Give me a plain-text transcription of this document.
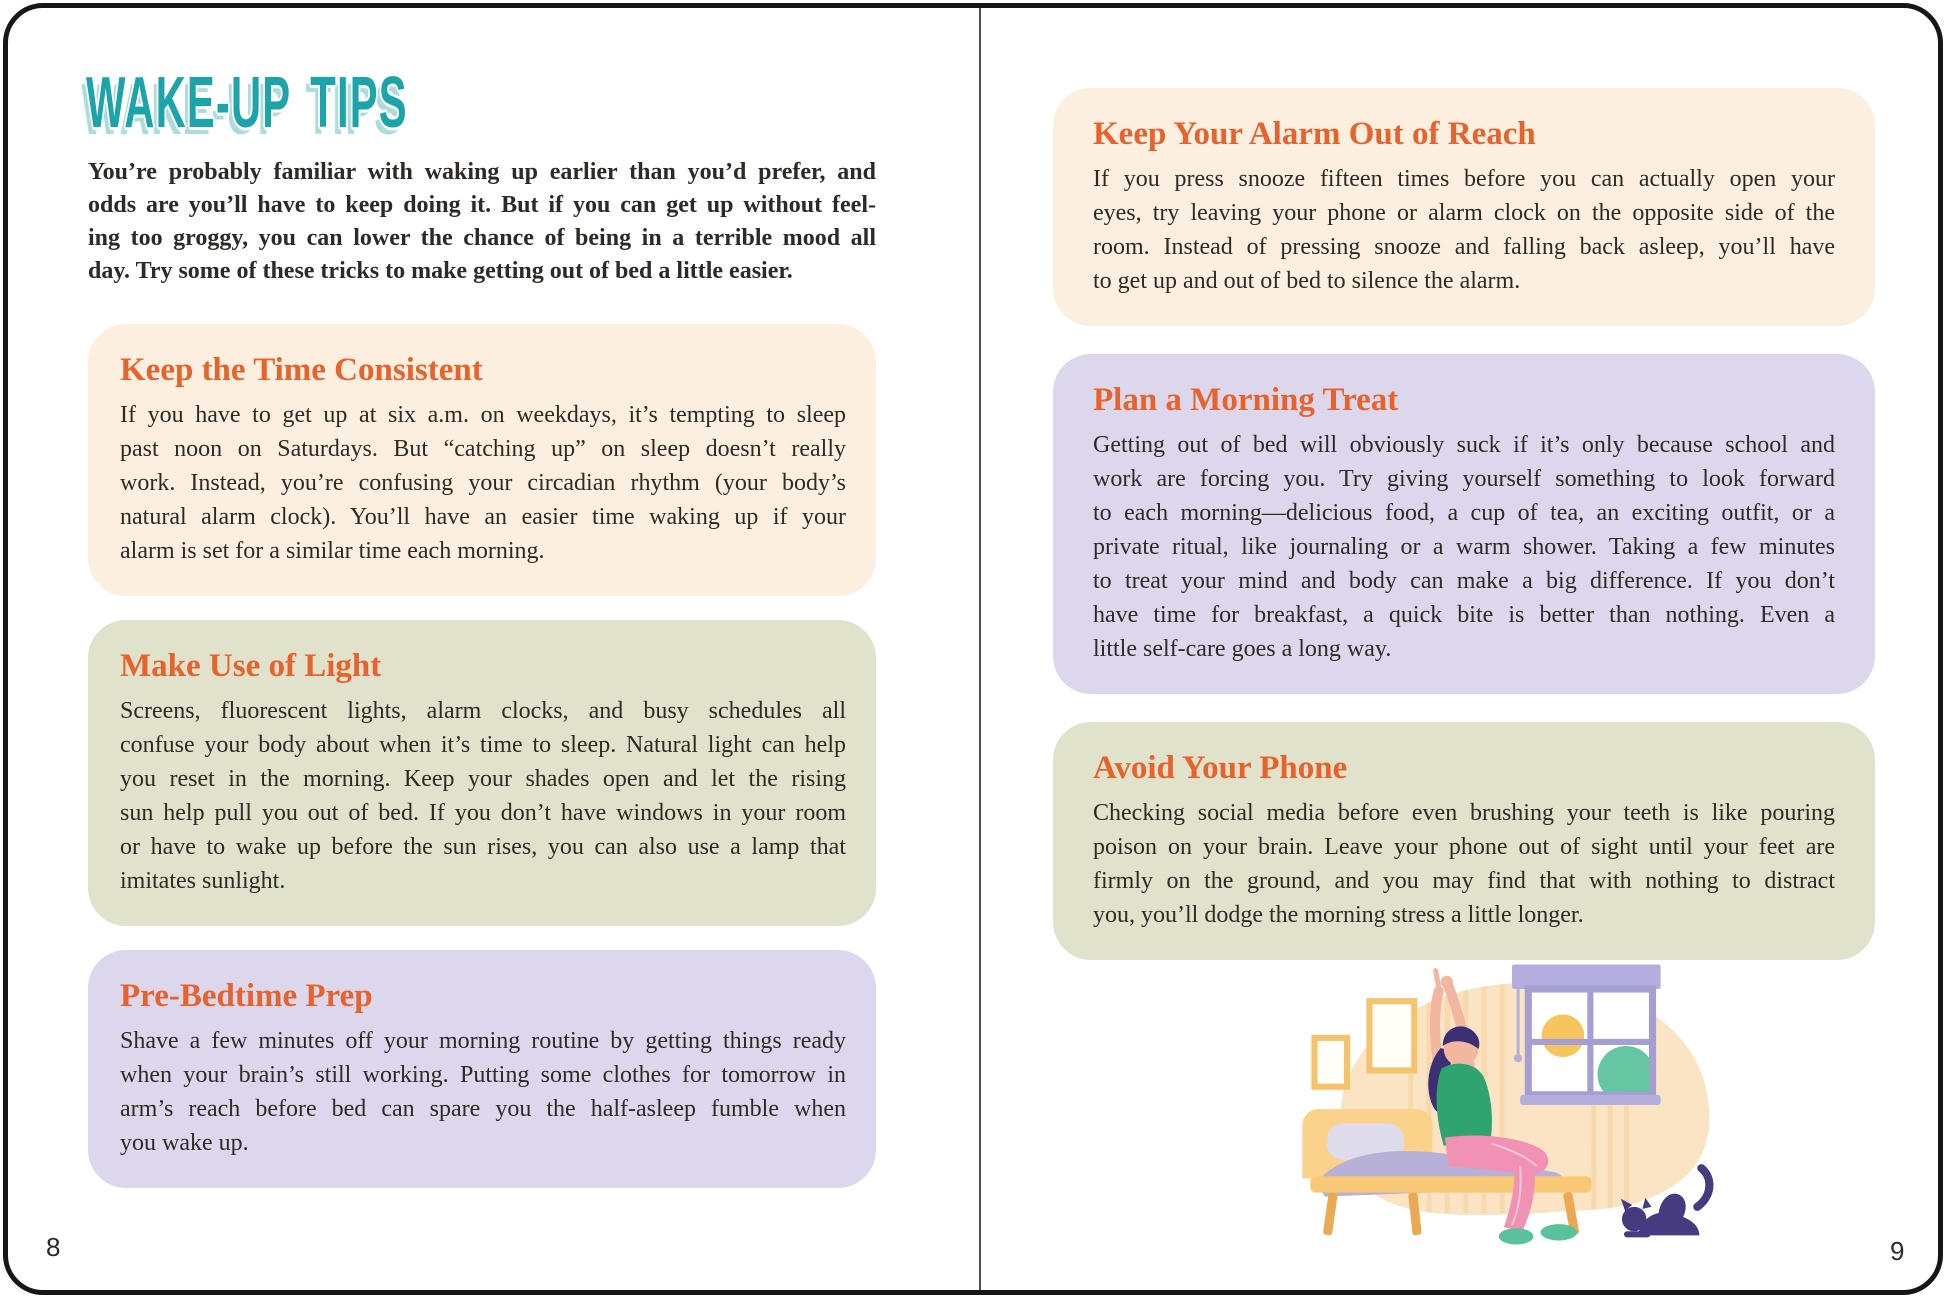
WAKE-UP TIPS
You’re probably familiar with waking up earlier than you’d prefer, and
odds are you’ll have to keep doing it. But if you can get up without feel-
ing too groggy, you can lower the chance of being in a terrible mood all
day. Try some of these tricks to make getting out of bed a little easier.
Keep the Time Consistent
If you have to get up at six a.m. on weekdays, it’s tempting to sleep
past noon on Saturdays. But “catching up” on sleep doesn’t really
work. Instead, you’re confusing your circadian rhythm (your body’s
natural alarm clock). You’ll have an easier time waking up if your
alarm is set for a similar time each morning.
Make Use of Light
Screens, fluorescent lights, alarm clocks, and busy schedules all
confuse your body about when it’s time to sleep. Natural light can help
you reset in the morning. Keep your shades open and let the rising
sun help pull you out of bed. If you don’t have windows in your room
or have to wake up before the sun rises, you can also use a lamp that
imitates sunlight.
Pre-Bedtime Prep
Shave a few minutes off your morning routine by getting things ready
when your brain’s still working. Putting some clothes for tomorrow in
arm’s reach before bed can spare you the half-asleep fumble when
you wake up.
8
Keep Your Alarm Out of Reach
If you press snooze fifteen times before you can actually open your
eyes, try leaving your phone or alarm clock on the opposite side of the
room. Instead of pressing snooze and falling back asleep, you’ll have
to get up and out of bed to silence the alarm.
Plan a Morning Treat
Getting out of bed will obviously suck if it’s only because school and
work are forcing you. Try giving yourself something to look forward
to each morning—delicious food, a cup of tea, an exciting outfit, or a
private ritual, like journaling or a warm shower. Taking a few minutes
to treat your mind and body can make a big difference. If you don’t
have time for breakfast, a quick bite is better than nothing. Even a
little self-care goes a long way.
Avoid Your Phone
Checking social media before even brushing your teeth is like pouring
poison on your brain. Leave your phone out of sight until your feet are
firmly on the ground, and you may find that with nothing to distract
you, you’ll dodge the morning stress a little longer.
9
